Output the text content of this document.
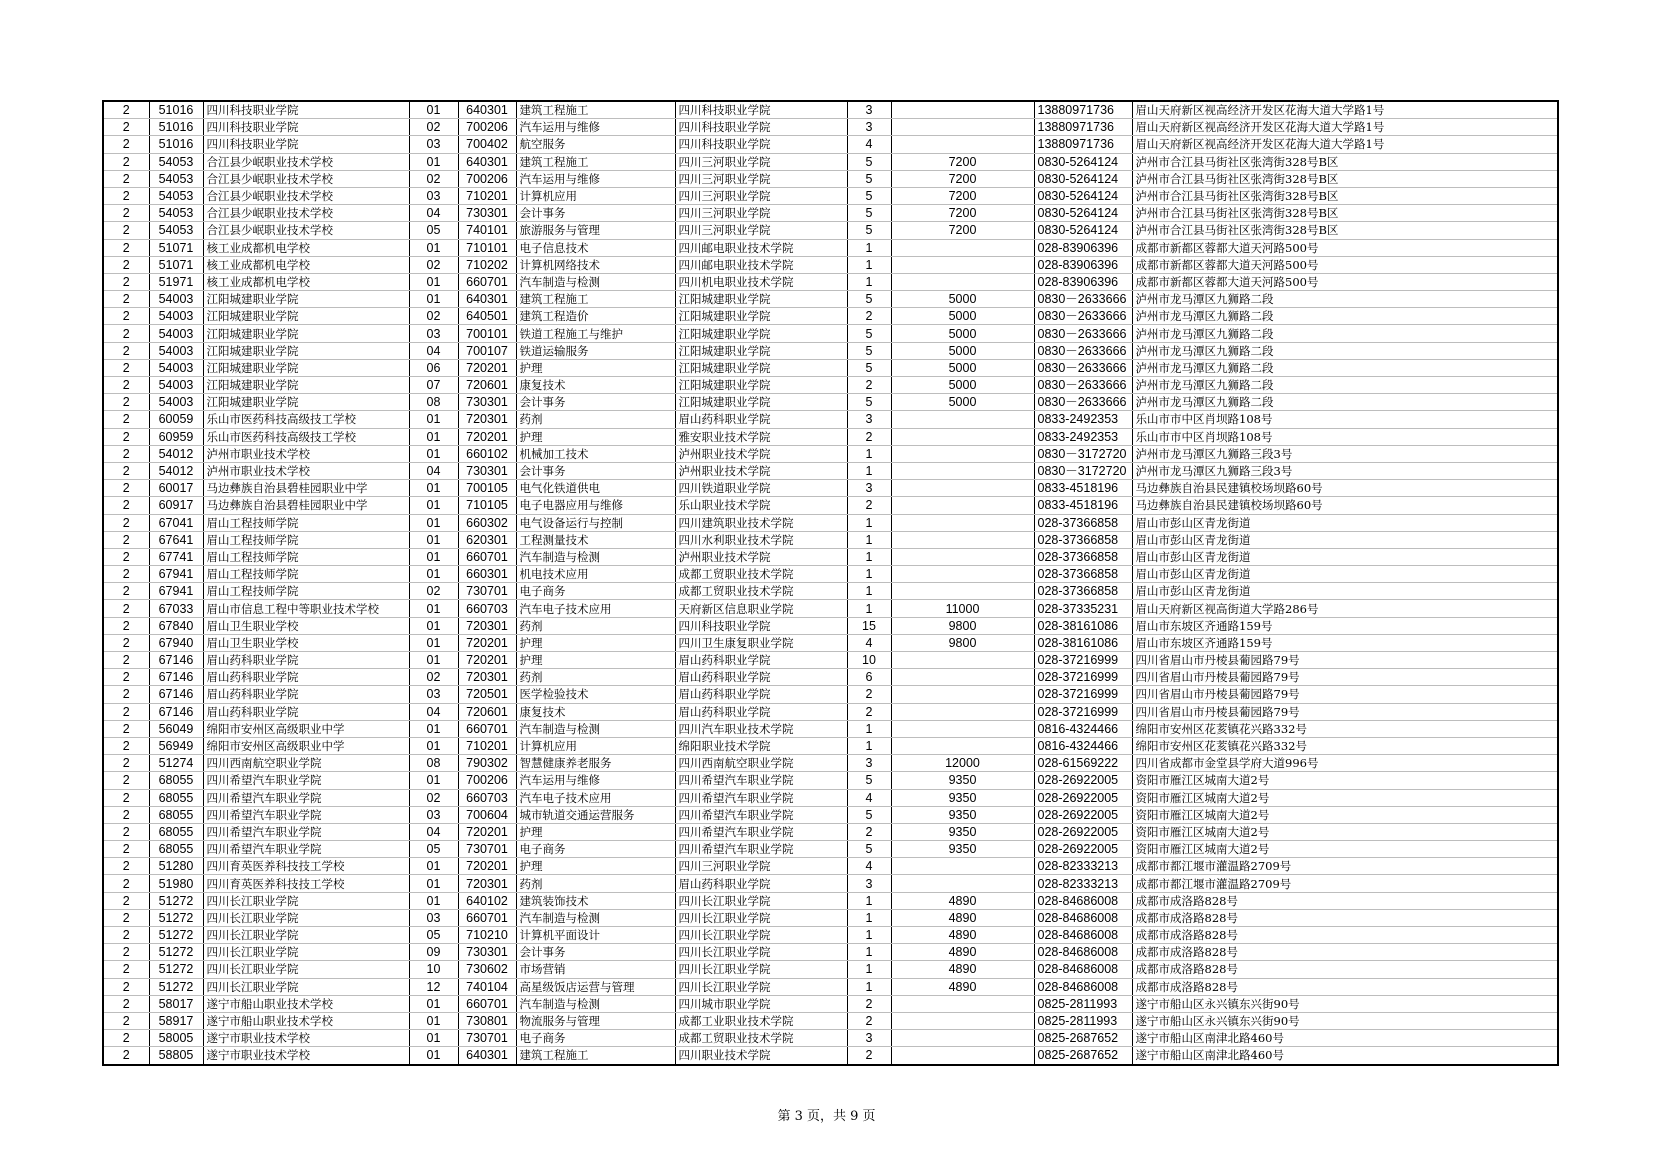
2	51016	四川科技职业学院	01	640301	建筑工程施工	四川科技职业学院	3		13880971736	眉山天府新区视高经济开发区花海大道大学路1号
2	51016	四川科技职业学院	02	700206	汽车运用与维修	四川科技职业学院	3		13880971736	眉山天府新区视高经济开发区花海大道大学路1号
2	51016	四川科技职业学院	03	700402	航空服务	四川科技职业学院	4		13880971736	眉山天府新区视高经济开发区花海大道大学路1号
2	54053	合江县少岷职业技术学校	01	640301	建筑工程施工	四川三河职业学院	5	7200	0830-5264124	泸州市合江县马街社区张湾街328号B区
2	54053	合江县少岷职业技术学校	02	700206	汽车运用与维修	四川三河职业学院	5	7200	0830-5264124	泸州市合江县马街社区张湾街328号B区
2	54053	合江县少岷职业技术学校	03	710201	计算机应用	四川三河职业学院	5	7200	0830-5264124	泸州市合江县马街社区张湾街328号B区
2	54053	合江县少岷职业技术学校	04	730301	会计事务	四川三河职业学院	5	7200	0830-5264124	泸州市合江县马街社区张湾街328号B区
2	54053	合江县少岷职业技术学校	05	740101	旅游服务与管理	四川三河职业学院	5	7200	0830-5264124	泸州市合江县马街社区张湾街328号B区
2	51071	核工业成都机电学校	01	710101	电子信息技术	四川邮电职业技术学院	1		028-83906396	成都市新都区蓉都大道天河路500号
2	51071	核工业成都机电学校	02	710202	计算机网络技术	四川邮电职业技术学院	1		028-83906396	成都市新都区蓉都大道天河路500号
2	51971	核工业成都机电学校	01	660701	汽车制造与检测	四川机电职业技术学院	1		028-83906396	成都市新都区蓉都大道天河路500号
2	54003	江阳城建职业学院	01	640301	建筑工程施工	江阳城建职业学院	5	5000	0830－2633666	泸州市龙马潭区九狮路二段
2	54003	江阳城建职业学院	02	640501	建筑工程造价	江阳城建职业学院	2	5000	0830－2633666	泸州市龙马潭区九狮路二段
2	54003	江阳城建职业学院	03	700101	铁道工程施工与维护	江阳城建职业学院	5	5000	0830－2633666	泸州市龙马潭区九狮路二段
2	54003	江阳城建职业学院	04	700107	铁道运输服务	江阳城建职业学院	5	5000	0830－2633666	泸州市龙马潭区九狮路二段
2	54003	江阳城建职业学院	06	720201	护理	江阳城建职业学院	5	5000	0830－2633666	泸州市龙马潭区九狮路二段
2	54003	江阳城建职业学院	07	720601	康复技术	江阳城建职业学院	2	5000	0830－2633666	泸州市龙马潭区九狮路二段
2	54003	江阳城建职业学院	08	730301	会计事务	江阳城建职业学院	5	5000	0830－2633666	泸州市龙马潭区九狮路二段
2	60059	乐山市医药科技高级技工学校	01	720301	药剂	眉山药科职业学院	3		0833-2492353	乐山市市中区肖坝路108号
2	60959	乐山市医药科技高级技工学校	01	720201	护理	雅安职业技术学院	2		0833-2492353	乐山市市中区肖坝路108号
2	54012	泸州市职业技术学校	01	660102	机械加工技术	泸州职业技术学院	1		0830－3172720	泸州市龙马潭区九狮路三段3号
2	54012	泸州市职业技术学校	04	730301	会计事务	泸州职业技术学院	1		0830－3172720	泸州市龙马潭区九狮路三段3号
2	60017	马边彝族自治县碧桂园职业中学	01	700105	电气化铁道供电	四川铁道职业学院	3		0833-4518196	马边彝族自治县民建镇校场坝路60号
2	60917	马边彝族自治县碧桂园职业中学	01	710105	电子电器应用与维修	乐山职业技术学院	2		0833-4518196	马边彝族自治县民建镇校场坝路60号
2	67041	眉山工程技师学院	01	660302	电气设备运行与控制	四川建筑职业技术学院	1		028-37366858	眉山市彭山区青龙街道
2	67641	眉山工程技师学院	01	620301	工程测量技术	四川水利职业技术学院	1		028-37366858	眉山市彭山区青龙街道
2	67741	眉山工程技师学院	01	660701	汽车制造与检测	泸州职业技术学院	1		028-37366858	眉山市彭山区青龙街道
2	67941	眉山工程技师学院	01	660301	机电技术应用	成都工贸职业技术学院	1		028-37366858	眉山市彭山区青龙街道
2	67941	眉山工程技师学院	02	730701	电子商务	成都工贸职业技术学院	1		028-37366858	眉山市彭山区青龙街道
2	67033	眉山市信息工程中等职业技术学校	01	660703	汽车电子技术应用	天府新区信息职业学院	1	11000	028-37335231	眉山天府新区视高街道大学路286号
2	67840	眉山卫生职业学校	01	720301	药剂	四川科技职业学院	15	9800	028-38161086	眉山市东坡区齐通路159号
2	67940	眉山卫生职业学校	01	720201	护理	四川卫生康复职业学院	4	9800	028-38161086	眉山市东坡区齐通路159号
2	67146	眉山药科职业学院	01	720201	护理	眉山药科职业学院	10		028-37216999	四川省眉山市丹棱县葡园路79号
2	67146	眉山药科职业学院	02	720301	药剂	眉山药科职业学院	6		028-37216999	四川省眉山市丹棱县葡园路79号
2	67146	眉山药科职业学院	03	720501	医学检验技术	眉山药科职业学院	2		028-37216999	四川省眉山市丹棱县葡园路79号
2	67146	眉山药科职业学院	04	720601	康复技术	眉山药科职业学院	2		028-37216999	四川省眉山市丹棱县葡园路79号
2	56049	绵阳市安州区高级职业中学	01	660701	汽车制造与检测	四川汽车职业技术学院	1		0816-4324466	绵阳市安州区花荄镇花兴路332号
2	56949	绵阳市安州区高级职业中学	01	710201	计算机应用	绵阳职业技术学院	1		0816-4324466	绵阳市安州区花荄镇花兴路332号
2	51274	四川西南航空职业学院	08	790302	智慧健康养老服务	四川西南航空职业学院	3	12000	028-61569222	四川省成都市金堂县学府大道996号
2	68055	四川希望汽车职业学院	01	700206	汽车运用与维修	四川希望汽车职业学院	5	9350	028-26922005	资阳市雁江区城南大道2号
2	68055	四川希望汽车职业学院	02	660703	汽车电子技术应用	四川希望汽车职业学院	4	9350	028-26922005	资阳市雁江区城南大道2号
2	68055	四川希望汽车职业学院	03	700604	城市轨道交通运营服务	四川希望汽车职业学院	5	9350	028-26922005	资阳市雁江区城南大道2号
2	68055	四川希望汽车职业学院	04	720201	护理	四川希望汽车职业学院	2	9350	028-26922005	资阳市雁江区城南大道2号
2	68055	四川希望汽车职业学院	05	730701	电子商务	四川希望汽车职业学院	5	9350	028-26922005	资阳市雁江区城南大道2号
2	51280	四川育英医养科技技工学校	01	720201	护理	四川三河职业学院	4		028-82333213	成都市都江堰市灌温路2709号
2	51980	四川育英医养科技技工学校	01	720301	药剂	眉山药科职业学院	3		028-82333213	成都市都江堰市灌温路2709号
2	51272	四川长江职业学院	01	640102	建筑装饰技术	四川长江职业学院	1	4890	028-84686008	成都市成洛路828号
2	51272	四川长江职业学院	03	660701	汽车制造与检测	四川长江职业学院	1	4890	028-84686008	成都市成洛路828号
2	51272	四川长江职业学院	05	710210	计算机平面设计	四川长江职业学院	1	4890	028-84686008	成都市成洛路828号
2	51272	四川长江职业学院	09	730301	会计事务	四川长江职业学院	1	4890	028-84686008	成都市成洛路828号
2	51272	四川长江职业学院	10	730602	市场营销	四川长江职业学院	1	4890	028-84686008	成都市成洛路828号
2	51272	四川长江职业学院	12	740104	高星级饭店运营与管理	四川长江职业学院	1	4890	028-84686008	成都市成洛路828号
2	58017	遂宁市船山职业技术学校	01	660701	汽车制造与检测	四川城市职业学院	2		0825-2811993	遂宁市船山区永兴镇东兴街90号
2	58917	遂宁市船山职业技术学校	01	730801	物流服务与管理	成都工业职业技术学院	2		0825-2811993	遂宁市船山区永兴镇东兴街90号
2	58005	遂宁市职业技术学校	01	730701	电子商务	成都工贸职业技术学院	3		0825-2687652	遂宁市船山区南津北路460号
2	58805	遂宁市职业技术学校	01	640301	建筑工程施工	四川职业技术学院	2		0825-2687652	遂宁市船山区南津北路460号
第 3 页，共 9 页
